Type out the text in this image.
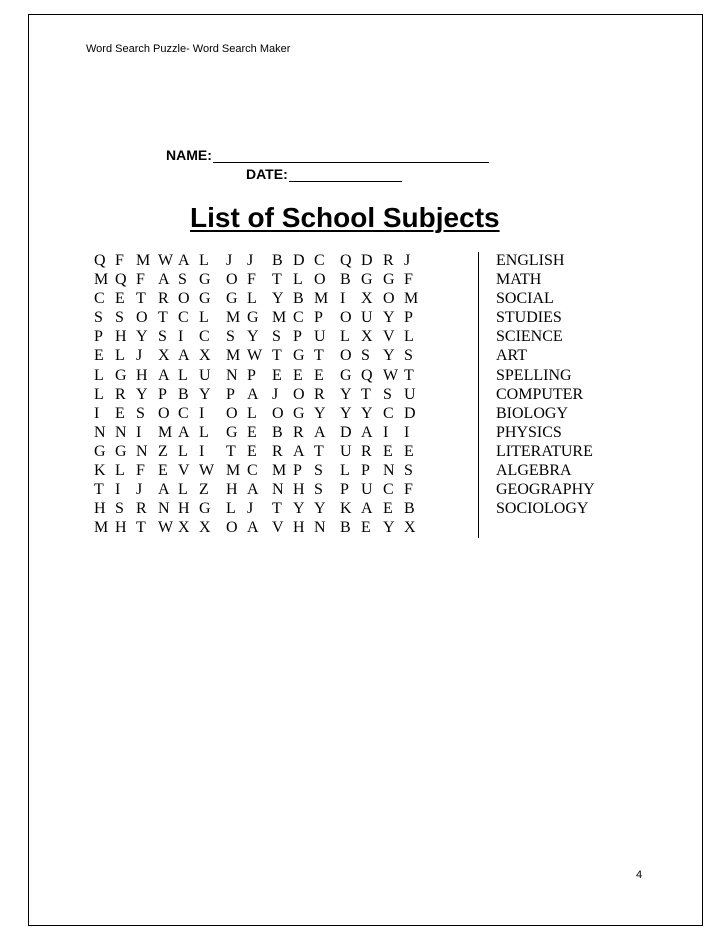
Word Search Puzzle- Word Search Maker
NAME:
DATE:
List of School Subjects
Q F M W A L J J B D C Q D R J
M Q F A S G O F T L O B G G F
C E T R O G G L Y B M I X O M
S S O T C L M G M C P O U Y P
P H Y S I C S Y S P U L X V L
E L J X A X M W T G T O S Y S
L G H A L U N P E E E G Q W T
L R Y P B Y P A J O R Y T S U
I E S O C I O L O G Y Y Y C D
N N I M A L G E B R A D A I I
G G N Z L I T E R A T U R E E
K L F E V W M C M P S L P N S
T I J A L Z H A N H S P U C F
H S R N H G L J T Y Y K A E B
M H T W X X O A V H N B E Y X
ENGLISH
MATH
SOCIAL
STUDIES
SCIENCE
ART
SPELLING
COMPUTER
BIOLOGY
PHYSICS
LITERATURE
ALGEBRA
GEOGRAPHY
SOCIOLOGY
4
